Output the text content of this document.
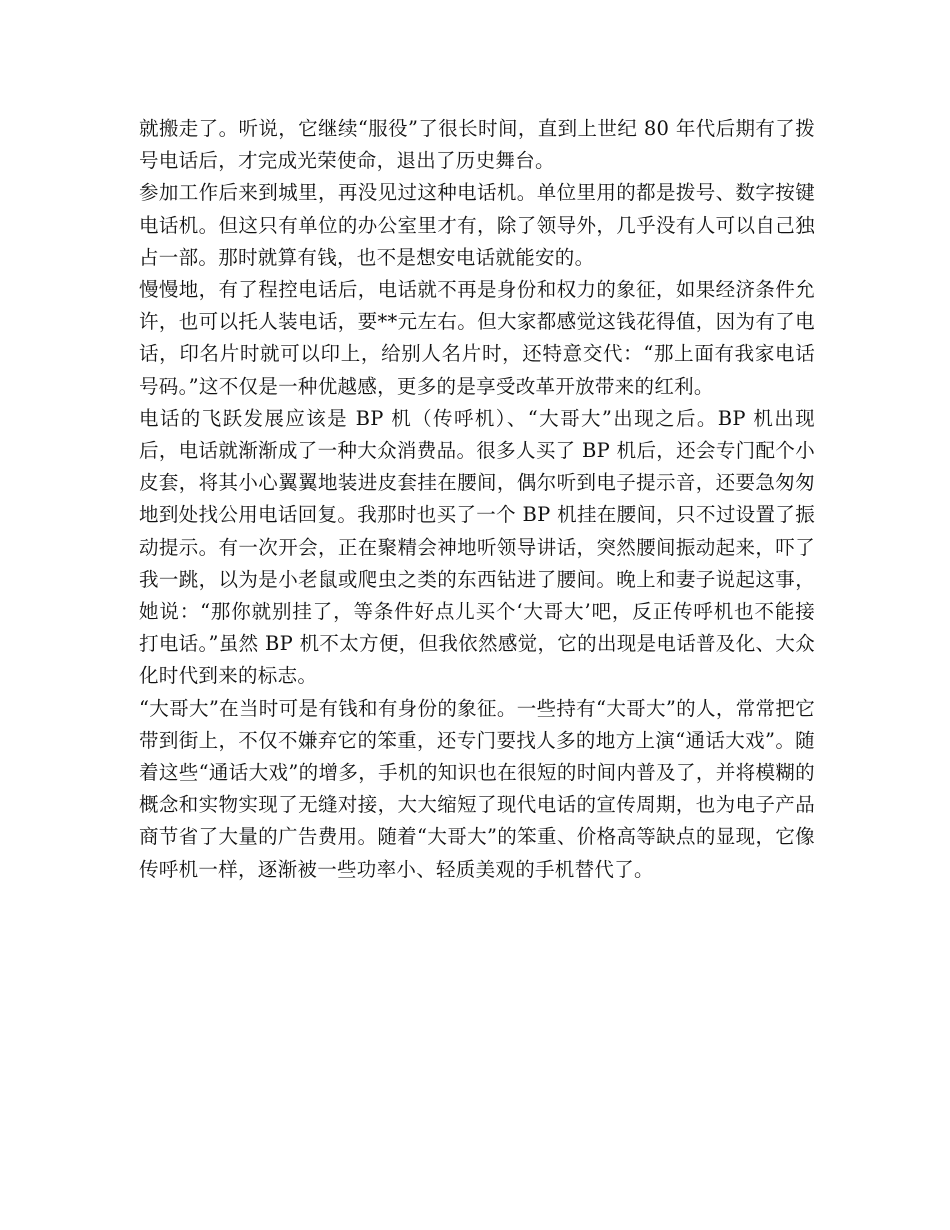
就搬走了。听说，它继续“服役”了很长时间，直到上世纪 80 年代后期有了拨号电话后，才完成光荣使命，退出了历史舞台。

参加工作后来到城里，再没见过这种电话机。单位里用的都是拨号、数字按键电话机。但这只有单位的办公室里才有，除了领导外，几乎没有人可以自己独占一部。那时就算有钱，也不是想安电话就能安的。

慢慢地，有了程控电话后，电话就不再是身份和权力的象征，如果经济条件允许，也可以托人装电话，要**元左右。但大家都感觉这钱花得值，因为有了电话，印名片时就可以印上，给别人名片时，还特意交代：“那上面有我家电话号码。”这不仅是一种优越感，更多的是享受改革开放带来的红利。

电话的飞跃发展应该是 BP 机（传呼机）、“大哥大”出现之后。BP 机出现后，电话就渐渐成了一种大众消费品。很多人买了 BP 机后，还会专门配个小皮套，将其小心翼翼地装进皮套挂在腰间，偶尔听到电子提示音，还要急匆匆地到处找公用电话回复。我那时也买了一个 BP 机挂在腰间，只不过设置了振动提示。有一次开会，正在聚精会神地听领导讲话，突然腰间振动起来，吓了我一跳，以为是小老鼠或爬虫之类的东西钻进了腰间。晚上和妻子说起这事，她说：“那你就别挂了，等条件好点儿买个‘大哥大’吧，反正传呼机也不能接打电话。”虽然 BP 机不太方便，但我依然感觉，它的出现是电话普及化、大众化时代到来的标志。

“大哥大”在当时可是有钱和有身份的象征。一些持有“大哥大”的人，常常把它带到街上，不仅不嫌弃它的笨重，还专门要找人多的地方上演“通话大戏”。随着这些“通话大戏”的增多，手机的知识也在很短的时间内普及了，并将模糊的概念和实物实现了无缝对接，大大缩短了现代电话的宣传周期，也为电子产品商节省了大量的广告费用。随着“大哥大”的笨重、价格高等缺点的显现，它像传呼机一样，逐渐被一些功率小、轻质美观的手机替代了。
